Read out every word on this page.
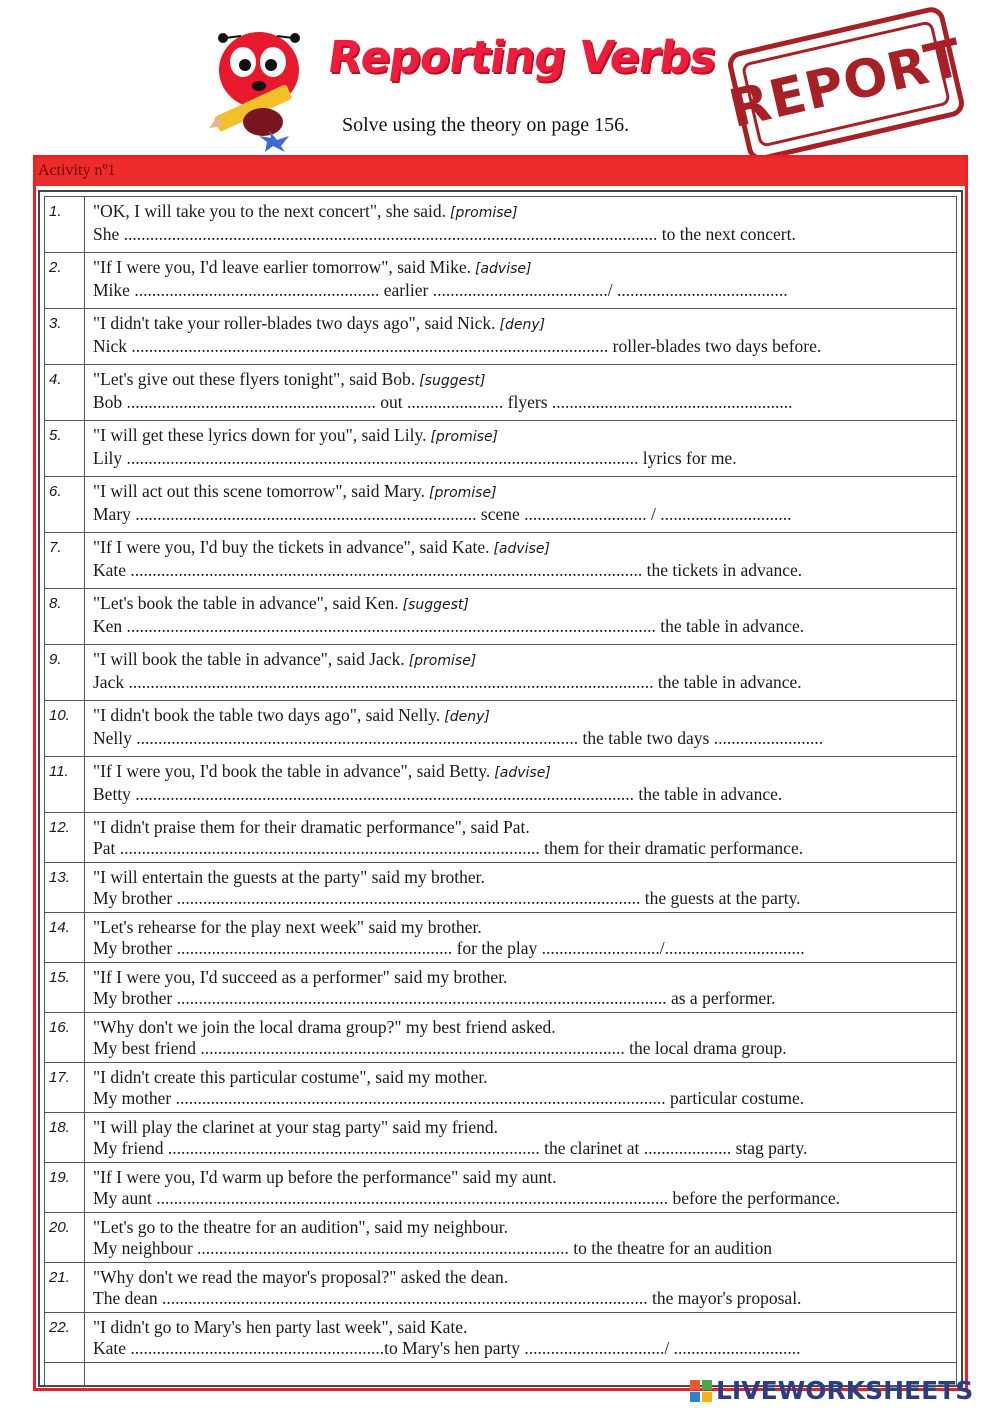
Reporting Verbs
Solve using the theory on page 156. REPORT
Activity nº1
1.	"OK, I will take you to the next concert", she said. [promise]
She .......................................................................................................................... to the next concert.

2.	"If I were you, I'd leave earlier tomorrow", said Mike. [advise]
Mike ........................................................ earlier ......................................../ .......................................

3.	"I didn't take your roller-blades two days ago", said Nick. [deny]
Nick ............................................................................................................. roller-blades two days before.

4.	"Let's give out these flyers tonight", said Bob. [suggest]
Bob ......................................................... out ...................... flyers .......................................................

5.	"I will get these lyrics down for you", said Lily. [promise]
Lily ..................................................................................................................... lyrics for me.

6.	"I will act out this scene tomorrow", said Mary. [promise]
Mary .............................................................................. scene ............................ / ..............................

7.	"If I were you, I'd buy the tickets in advance", said Kate. [advise]
Kate ..................................................................................................................... the tickets in advance.

8.	"Let's book the table in advance", said Ken. [suggest]
Ken ......................................................................................................................... the table in advance.

9.	"I will book the table in advance", said Jack. [promise]
Jack ........................................................................................................................ the table in advance.

10.	"I didn't book the table two days ago", said Nelly. [deny]
Nelly ..................................................................................................... the table two days .........................

11.	"If I were you, I'd book the table in advance", said Betty. [advise]
Betty .................................................................................................................. the table in advance.

12.	"I didn't praise them for their dramatic performance", said Pat.
Pat ................................................................................................ them for their dramatic performance.

13.	"I will entertain the guests at the party" said my brother.
My brother .......................................................................................................... the guests at the party.

14.	"Let's rehearse for the play next week" said my brother.
My brother ............................................................... for the play .........................../................................

15.	"If I were you, I'd succeed as a performer" said my brother.
My brother ................................................................................................................ as a performer.

16.	"Why don't we join the local drama group?" my best friend asked.
My best friend ................................................................................................. the local drama group.

17.	"I didn't create this particular costume", said my mother.
My mother ................................................................................................................ particular costume.

18.	"I will play the clarinet at your stag party" said my friend.
My friend ..................................................................................... the clarinet at .................... stag party.

19.	"If I were you, I'd warm up before the performance" said my aunt.
My aunt ..................................................................................................................... before the performance.

20.	"Let's go to the theatre for an audition", said my neighbour.
My neighbour ..................................................................................... to the theatre for an audition

21.	"Why don't we read the mayor's proposal?" asked the dean.
The dean ............................................................................................................... the mayor's proposal.

22.	"I didn't go to Mary's hen party last week", said Kate.
Kate ..........................................................to Mary's hen party ................................/ .............................

LIVEWORKSHEETS
